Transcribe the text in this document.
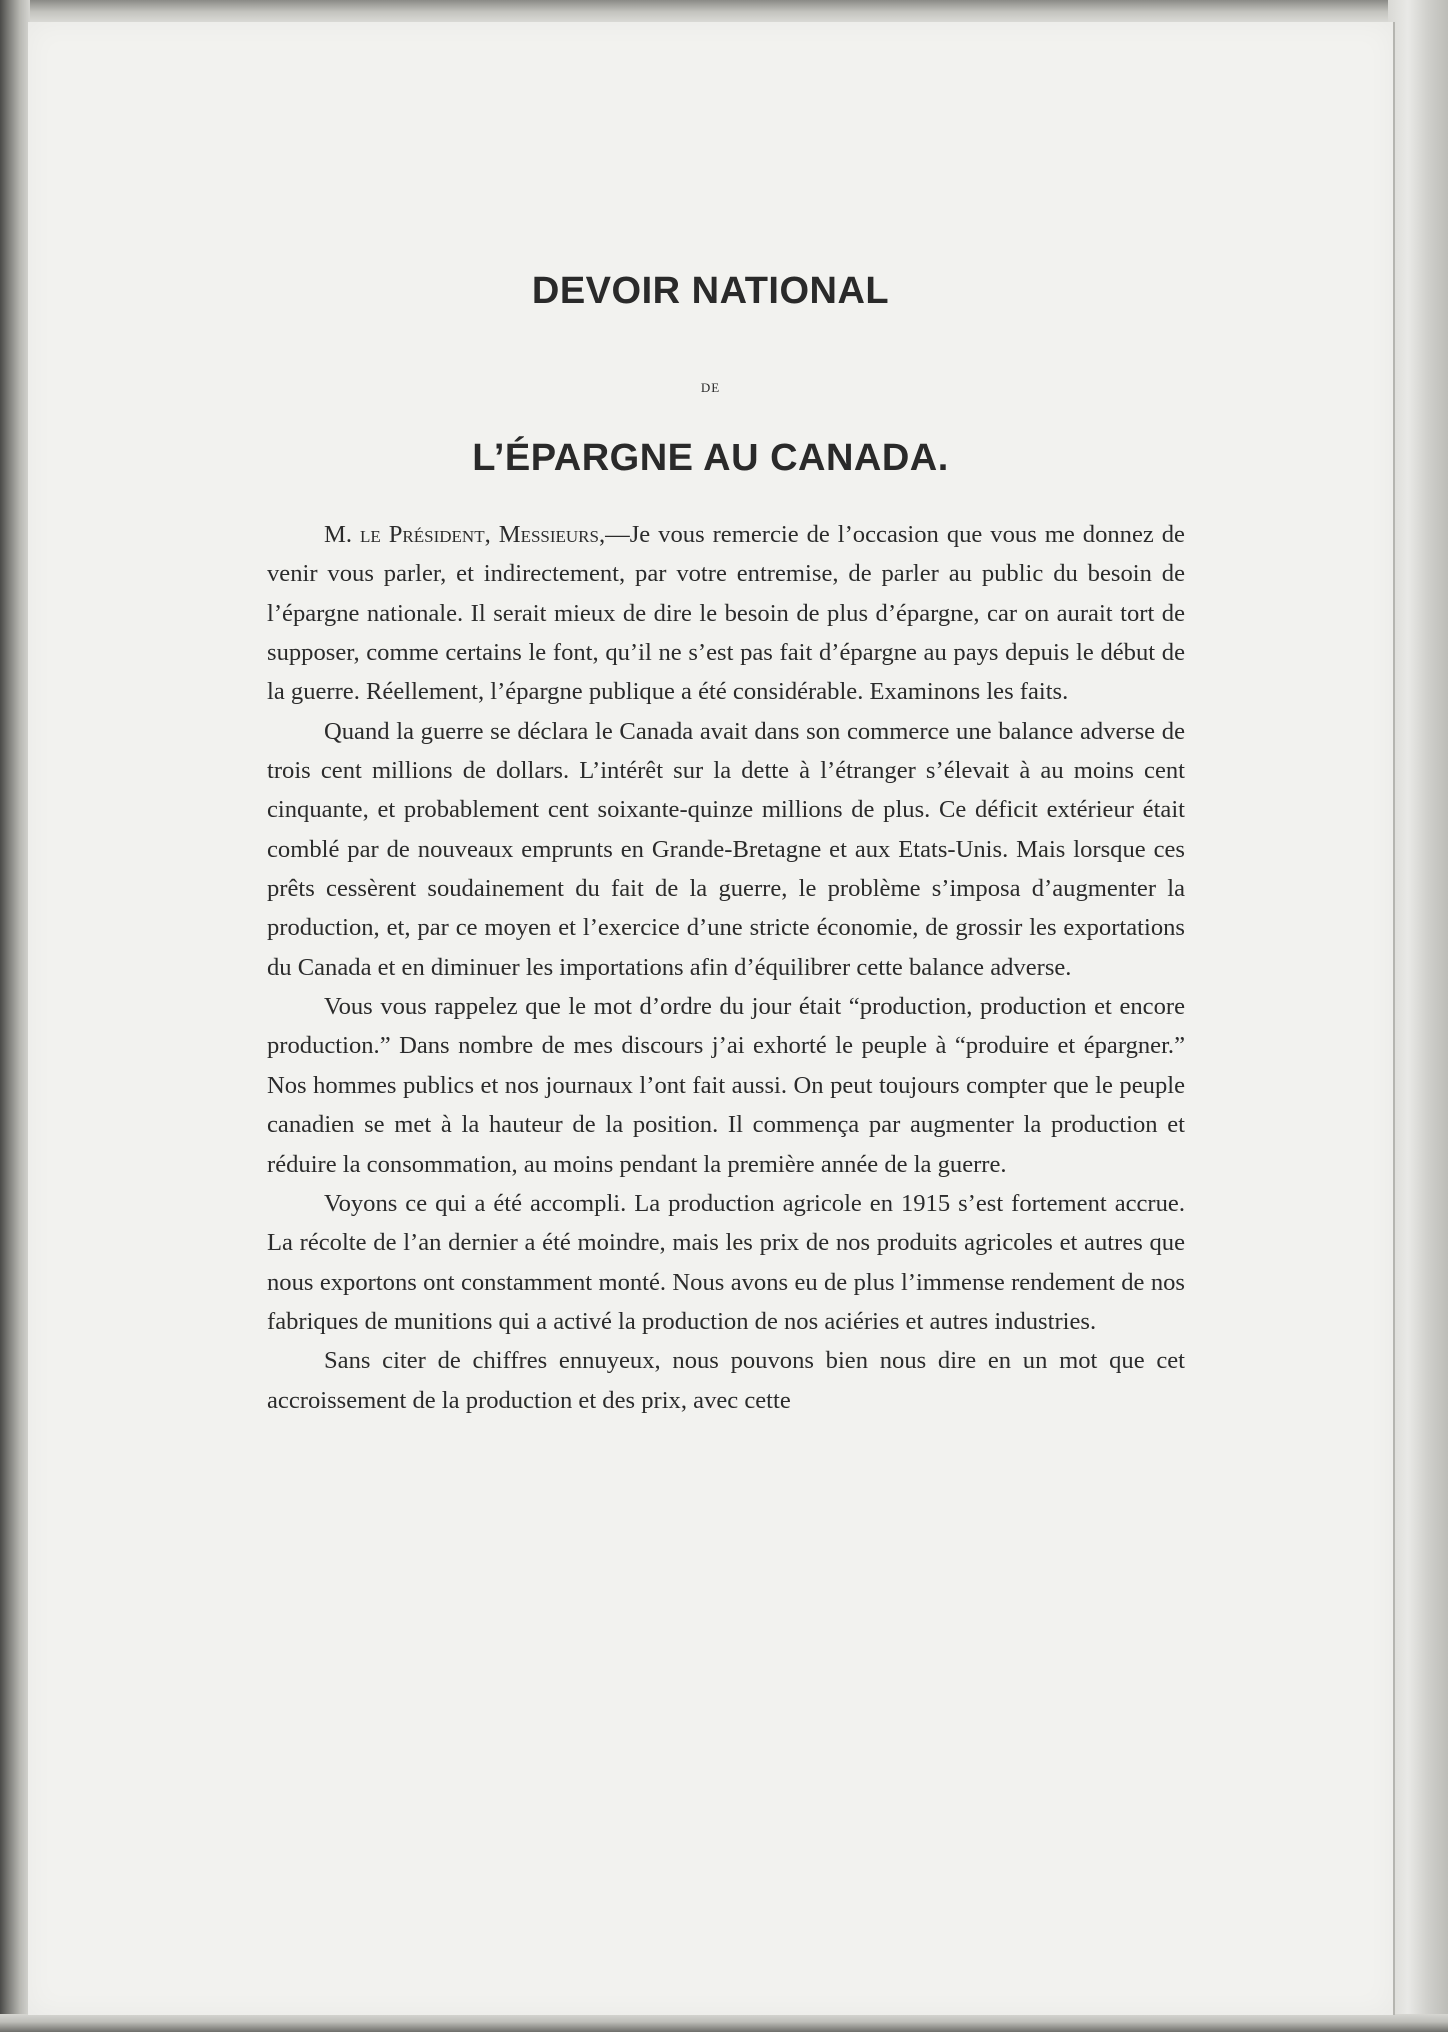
DEVOIR NATIONAL
DE
L’ÉPARGNE AU CANADA.

M. le Président, Messieurs,—Je vous remercie de l’occasion que vous me donnez de venir vous parler, et indirectement, par votre entremise, de parler au public du besoin de l’épargne nationale. Il serait mieux de dire le besoin de plus d’épargne, car on aurait tort de supposer, comme certains le font, qu’il ne s’est pas fait d’épargne au pays depuis le début de la guerre. Réellement, l’épargne publique a été considérable. Examinons les faits.

Quand la guerre se déclara le Canada avait dans son commerce une balance adverse de trois cent millions de dollars. L’intérêt sur la dette à l’étranger s’élevait à au moins cent cinquante, et probablement cent soixante-quinze millions de plus. Ce déficit extérieur était comblé par de nouveaux emprunts en Grande-Bretagne et aux Etats-Unis. Mais lorsque ces prêts cessèrent soudainement du fait de la guerre, le problème s’imposa d’augmenter la production, et, par ce moyen et l’exercice d’une stricte économie, de grossir les exportations du Canada et en diminuer les importations afin d’équilibrer cette balance adverse.

Vous vous rappelez que le mot d’ordre du jour était “production, production et encore production.” Dans nombre de mes discours j’ai exhorté le peuple à “produire et épargner.” Nos hommes publics et nos journaux l’ont fait aussi. On peut toujours compter que le peuple canadien se met à la hauteur de la position. Il commença par augmenter la production et réduire la consommation, au moins pendant la première année de la guerre.

Voyons ce qui a été accompli. La production agricole en 1915 s’est fortement accrue. La récolte de l’an dernier a été moindre, mais les prix de nos produits agricoles et autres que nous exportons ont constamment monté. Nous avons eu de plus l’immense rendement de nos fabriques de munitions qui a activé la production de nos aciéries et autres industries.

Sans citer de chiffres ennuyeux, nous pouvons bien nous dire en un mot que cet accroissement de la production et des prix, avec cette
